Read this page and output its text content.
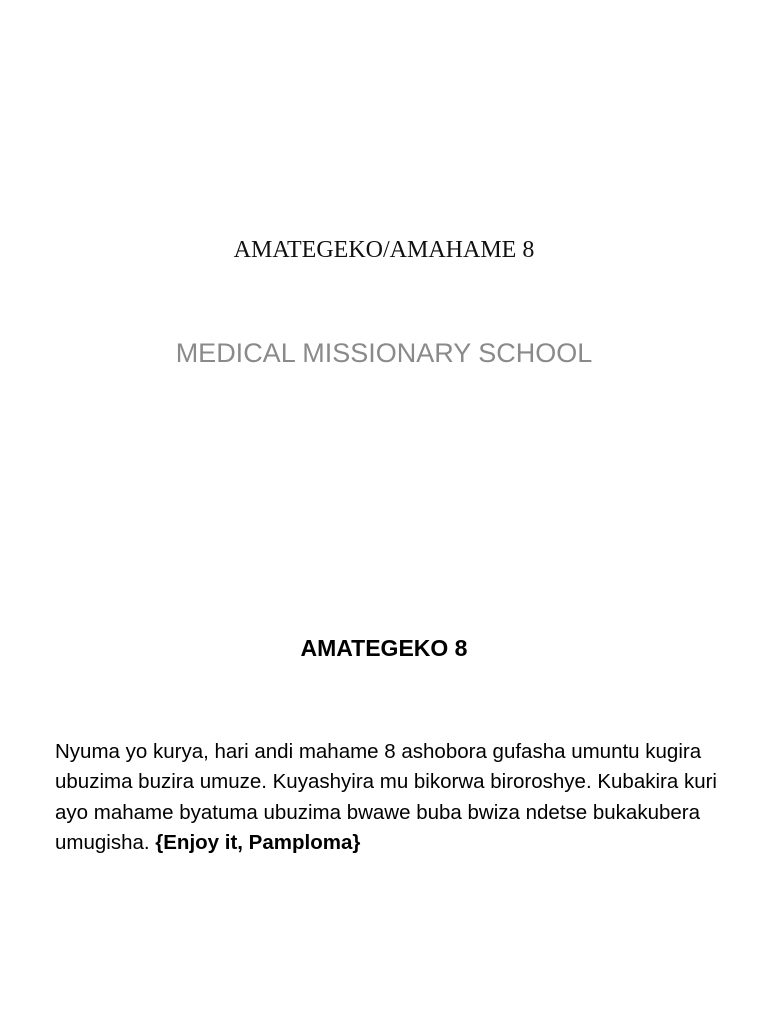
AMATEGEKO/AMAHAME 8
MEDICAL MISSIONARY SCHOOL
AMATEGEKO 8

Nyuma yo kurya, hari andi mahame 8 ashobora gufasha umuntu kugira ubuzima buzira umuze. Kuyashyira mu bikorwa biroroshye. Kubakira kuri ayo mahame byatuma ubuzima bwawe buba bwiza ndetse bukakubera umugisha. {Enjoy it, Pamploma}
